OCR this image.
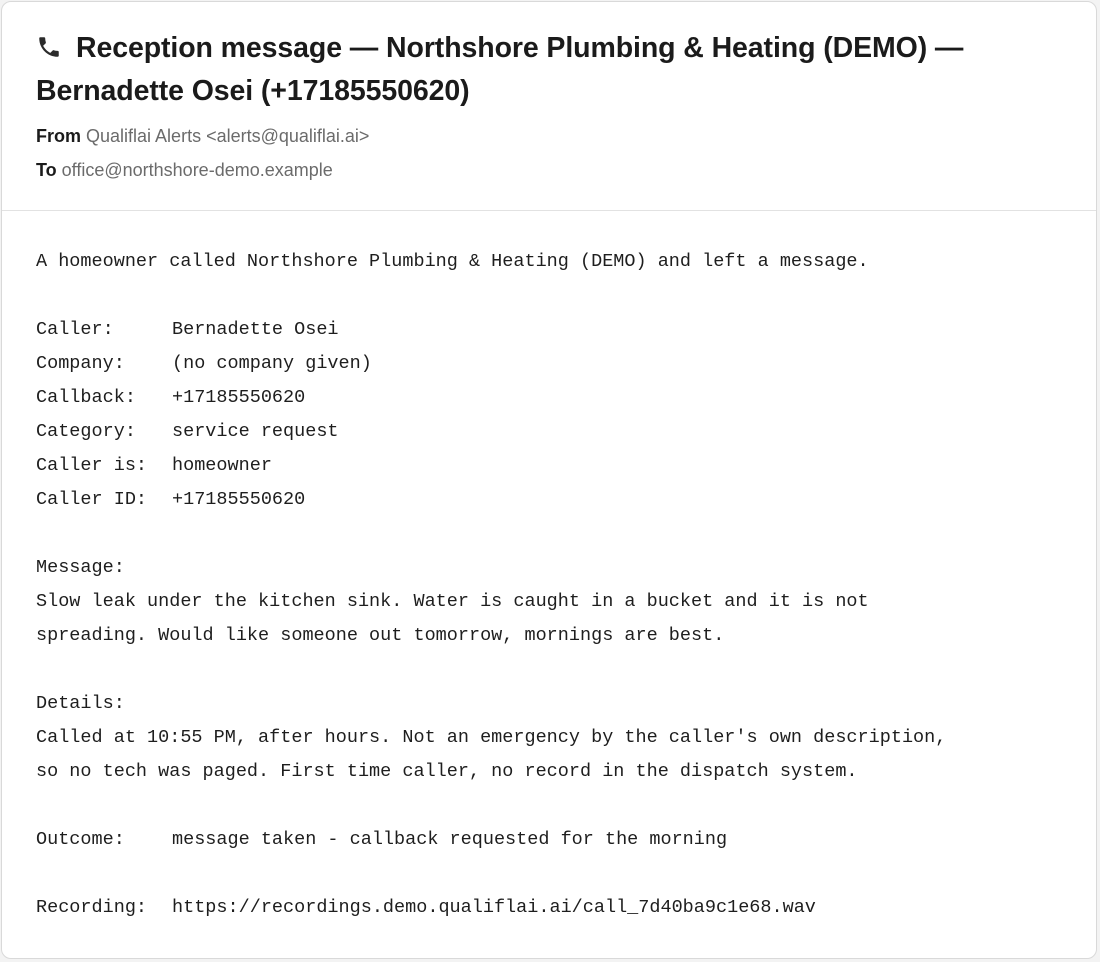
Reception message — Northshore Plumbing & Heating (DEMO) —
Bernadette Osei (+17185550620)
From Qualiflai Alerts <alerts@qualiflai.ai>
To office@northshore-demo.example
A homeowner called Northshore Plumbing & Heating (DEMO) and left a message.
Caller:	Bernadette Osei
Company:	(no company given)
Callback: +17185550620
Category: service request
Caller is: homeowner
Caller ID: +17185550620
Message:
Slow leak under the kitchen sink. Water is caught in a bucket and it is not
spreading. Would like someone out tomorrow, mornings are best.
Details:
Called at 10:55 PM, after hours. Not an emergency by the caller's own description,
so no tech was paged. First time caller, no record in the dispatch system.
Outcome:	message taken - callback requested for the morning
Recording: https://recordings.demo.qualiflai.ai/call_7d40ba9c1e68.wav
